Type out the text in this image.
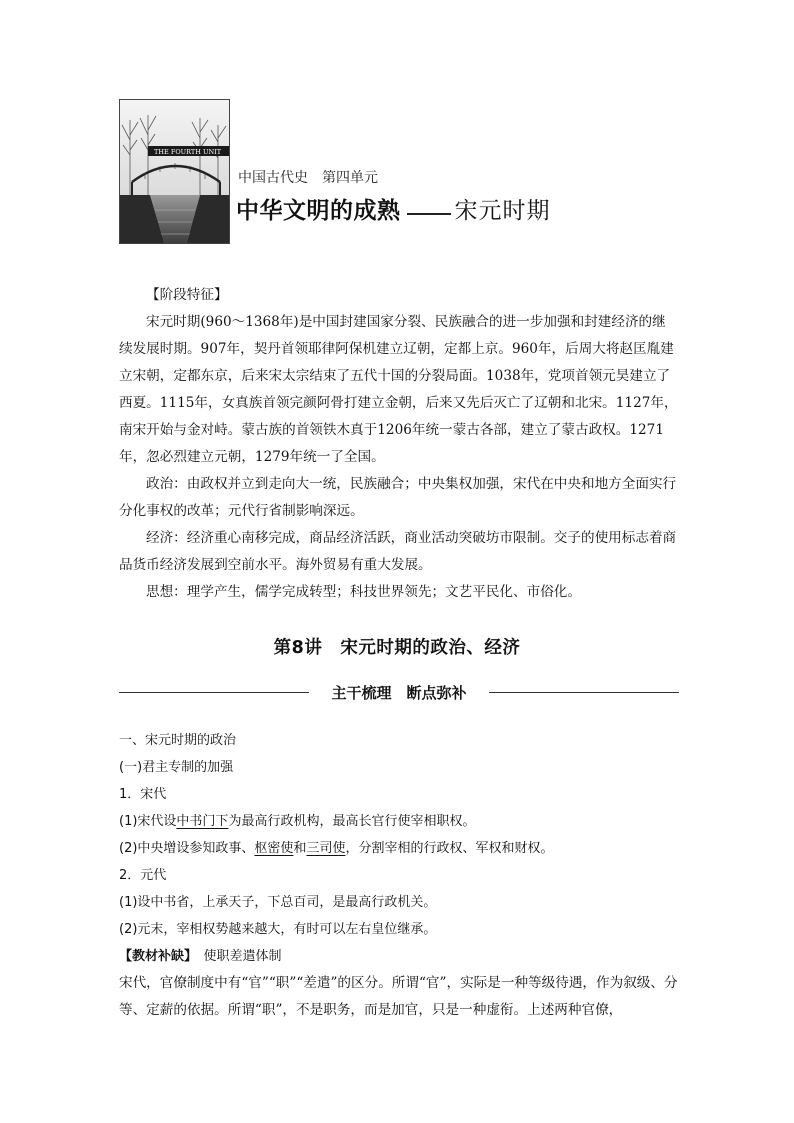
THE FOURTH UNIT
中国古代史　第四单元
中华文明的成熟 宋元时期

【阶段特征】

宋元时期(960～1368年)是中国封建国家分裂、民族融合的进一步加强和封建经济的继续发展时期。907年，契丹首领耶律阿保机建立辽朝，定都上京。960年，后周大将赵匡胤建立宋朝，定都东京，后来宋太宗结束了五代十国的分裂局面。1038年，党项首领元昊建立了西夏。1115年，女真族首领完颜阿骨打建立金朝，后来又先后灭亡了辽朝和北宋。1127年，南宋开始与金对峙。蒙古族的首领铁木真于1206年统一蒙古各部，建立了蒙古政权。1271年，忽必烈建立元朝，1279年统一了全国。

政治：由政权并立到走向大一统，民族融合；中央集权加强，宋代在中央和地方全面实行分化事权的改革；元代行省制影响深远。

经济：经济重心南移完成，商品经济活跃，商业活动突破坊市限制。交子的使用标志着商品货币经济发展到空前水平。海外贸易有重大发展。

思想：理学产生，儒学完成转型；科技世界领先；文艺平民化、市俗化。

第8讲　宋元时期的政治、经济
主干梳理　断点弥补

一、宋元时期的政治

(一)君主专制的加强

1．宋代

(1)宋代设中书门下为最高行政机构，最高长官行使宰相职权。

(2)中央增设参知政事、枢密使和三司使，分割宰相的行政权、军权和财权。

2．元代

(1)设中书省，上承天子，下总百司，是最高行政机关。

(2)元末，宰相权势越来越大，有时可以左右皇位继承。

【教材补缺】　 使职差遣体制

宋代，官僚制度中有“官”“职”“差遣”的区分。所谓“官”，实际是一种等级待遇，作为叙级、分等、定薪的依据。所谓“职”，不是职务，而是加官，只是一种虚衔。上述两种官僚，
